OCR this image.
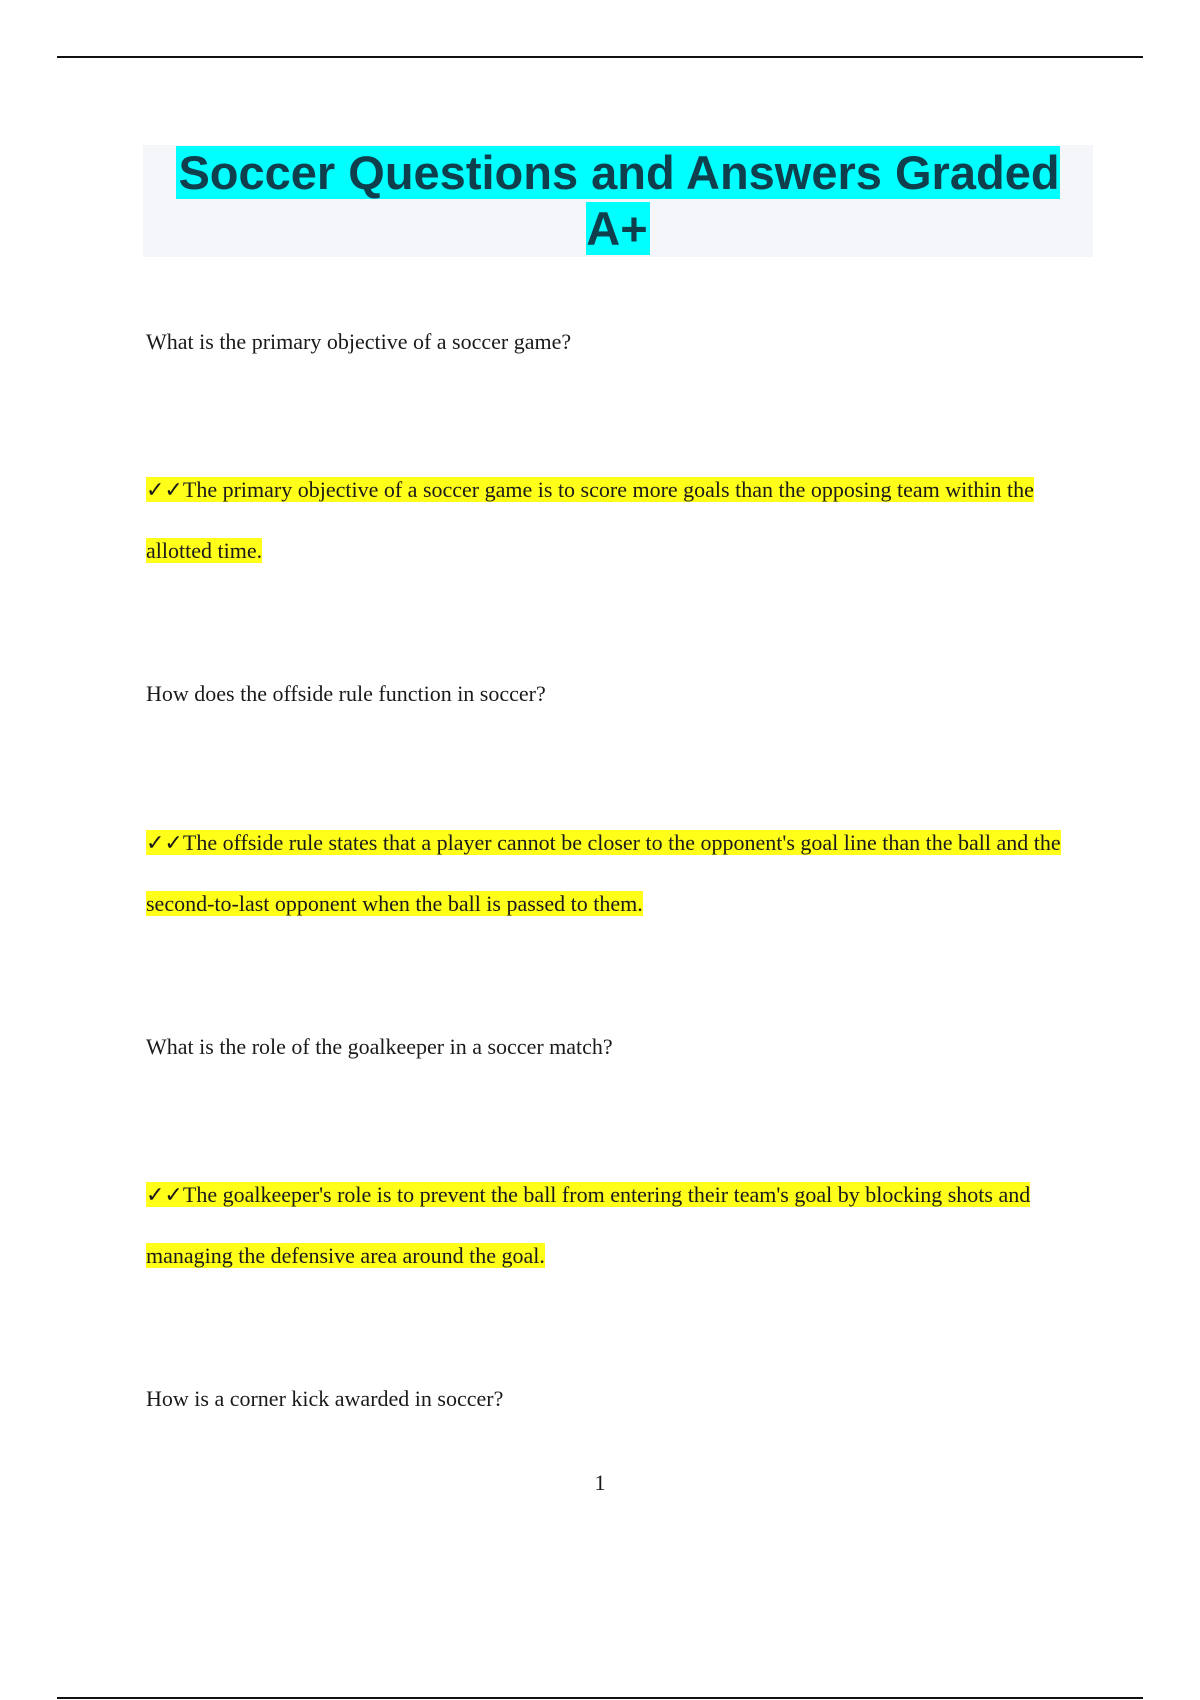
Soccer Questions and Answers Graded A+
What is the primary objective of a soccer game?
✓✓The primary objective of a soccer game is to score more goals than the opposing team within the allotted time.
How does the offside rule function in soccer?
✓✓The offside rule states that a player cannot be closer to the opponent's goal line than the ball and the second-to-last opponent when the ball is passed to them.
What is the role of the goalkeeper in a soccer match?
✓✓The goalkeeper's role is to prevent the ball from entering their team's goal by blocking shots and managing the defensive area around the goal.
How is a corner kick awarded in soccer?
1
